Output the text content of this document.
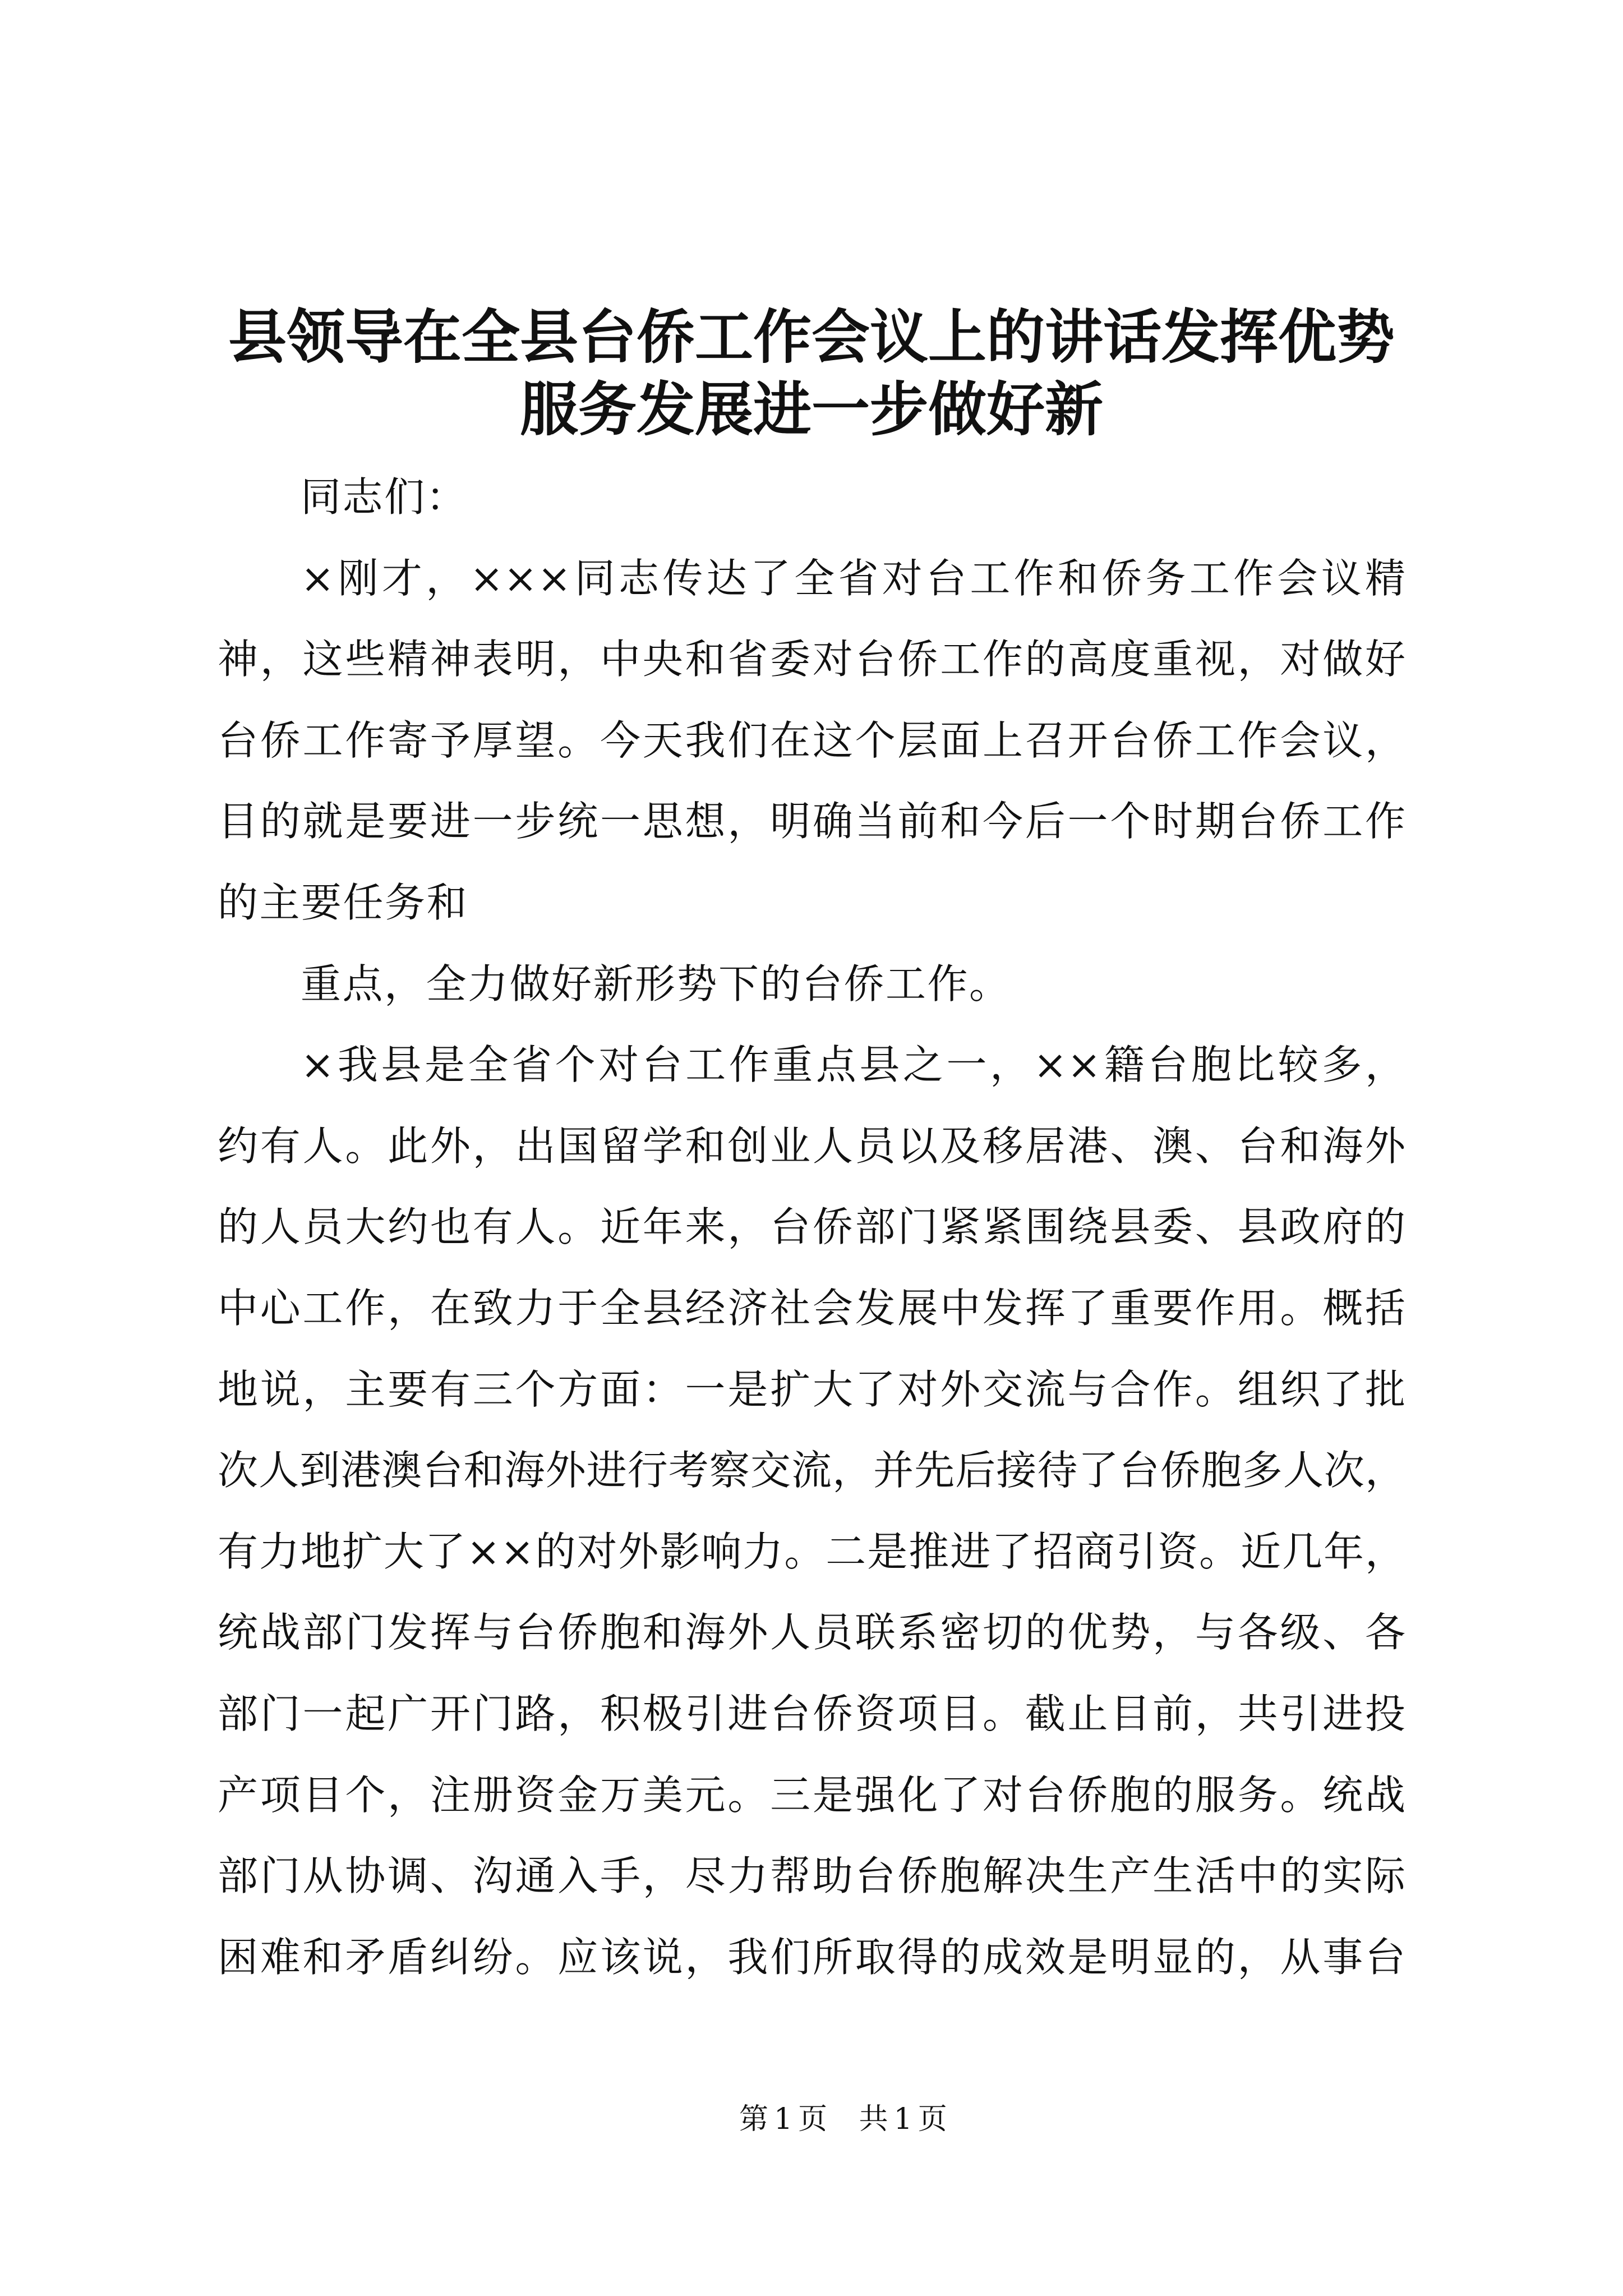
县领导在全县台侨工作会议上的讲话发挥优势
服务发展进一步做好新
同志们：
×刚才，×××同志传达了全省对台工作和侨务工作会议精
神，这些精神表明，中央和省委对台侨工作的高度重视，对做好
台侨工作寄予厚望。今天我们在这个层面上召开台侨工作会议，
目的就是要进一步统一思想，明确当前和今后一个时期台侨工作
的主要任务和
重点，全力做好新形势下的台侨工作。
×我县是全省个对台工作重点县之一，××籍台胞比较多，
约有人。此外，出国留学和创业人员以及移居港、澳、台和海外
的人员大约也有人。近年来，台侨部门紧紧围绕县委、县政府的
中心工作，在致力于全县经济社会发展中发挥了重要作用。概括
地说，主要有三个方面：一是扩大了对外交流与合作。组织了批
次人到港澳台和海外进行考察交流，并先后接待了台侨胞多人次，
有力地扩大了××的对外影响力。二是推进了招商引资。近几年，
统战部门发挥与台侨胞和海外人员联系密切的优势，与各级、各
部门一起广开门路，积极引进台侨资项目。截止目前，共引进投
产项目个，注册资金万美元。三是强化了对台侨胞的服务。统战
部门从协调、沟通入手，尽力帮助台侨胞解决生产生活中的实际
困难和矛盾纠纷。应该说，我们所取得的成效是明显的，从事台
第1页 共1页
